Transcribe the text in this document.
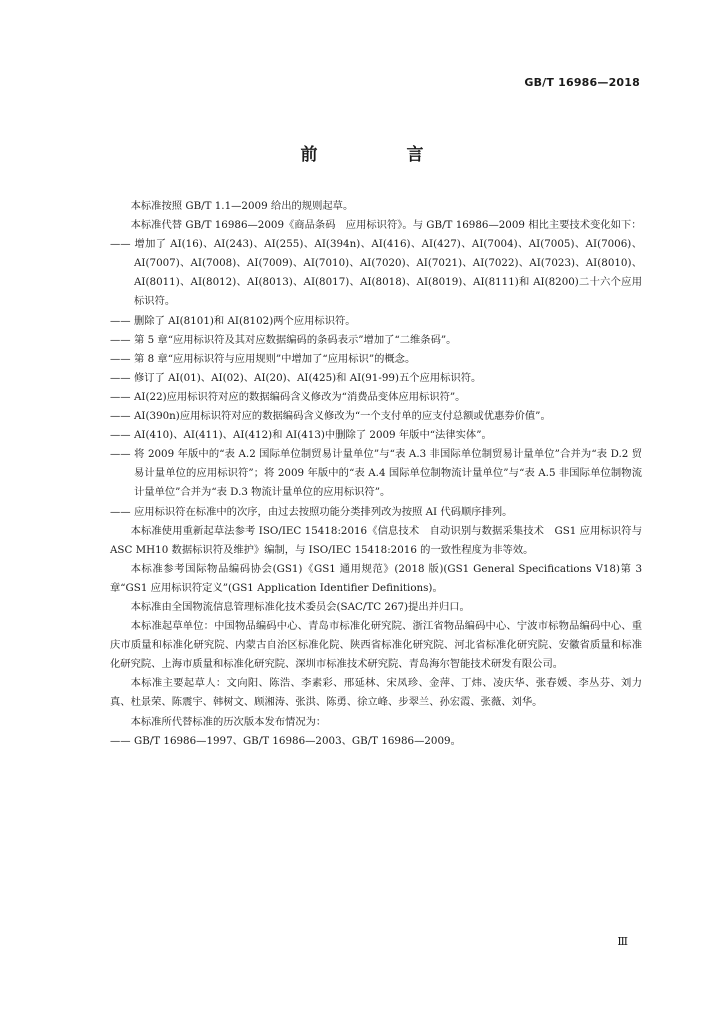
GB/T 16986—2018
前　言

本标准按照 GB/T 1.1—2009 给出的规则起草。

本标准代替 GB/T 16986—2009《商品条码　应用标识符》。与 GB/T 16986—2009 相比主要技术变化如下：

—— 增加了 AI(16)、AI(243)、AI(255)、AI(394n)、AI(416)、AI(427)、AI(7004)、AI(7005)、AI(7006)、AI(7007)、AI(7008)、AI(7009)、AI(7010)、AI(7020)、AI(7021)、AI(7022)、AI(7023)、AI(8010)、AI(8011)、AI(8012)、AI(8013)、AI(8017)、AI(8018)、AI(8019)、AI(8111)和 AI(8200)二十六个应用标识符。

—— 删除了 AI(8101)和 AI(8102)两个应用标识符。

—— 第 5 章“应用标识符及其对应数据编码的条码表示”增加了“二维条码”。

—— 第 8 章“应用标识符与应用规则”中增加了“应用标识”的概念。

—— 修订了 AI(01)、AI(02)、AI(20)、AI(425)和 AI(91-99)五个应用标识符。

—— AI(22)应用标识符对应的数据编码含义修改为“消费品变体应用标识符”。

—— AI(390n)应用标识符对应的数据编码含义修改为“一个支付单的应支付总额或优惠券价值”。

—— AI(410)、AI(411)、AI(412)和 AI(413)中删除了 2009 年版中“法律实体”。

—— 将 2009 年版中的“表 A.2 国际单位制贸易计量单位”与“表 A.3 非国际单位制贸易计量单位”合并为“表 D.2 贸易计量单位的应用标识符”；将 2009 年版中的“表 A.4 国际单位制物流计量单位”与“表 A.5 非国际单位制物流计量单位”合并为“表 D.3 物流计量单位的应用标识符”。

—— 应用标识符在标准中的次序，由过去按照功能分类排列改为按照 AI 代码顺序排列。

本标准使用重新起草法参考 ISO/IEC 15418:2016《信息技术　自动识别与数据采集技术　GS1 应用标识符与 ASC MH10 数据标识符及维护》编制，与 ISO/IEC 15418:2016 的一致性程度为非等效。

本标准参考国际物品编码协会(GS1)《GS1 通用规范》(2018 版)(GS1 General Specifications V18)第 3 章“GS1 应用标识符定义”(GS1 Application Identifier Definitions)。

本标准由全国物流信息管理标准化技术委员会(SAC/TC 267)提出并归口。

本标准起草单位：中国物品编码中心、青岛市标准化研究院、浙江省物品编码中心、宁波市标物品编码中心、重庆市质量和标准化研究院、内蒙古自治区标准化院、陕西省标准化研究院、河北省标准化研究院、安徽省质量和标准化研究院、上海市质量和标准化研究院、深圳市标准技术研究院、青岛海尔智能技术研发有限公司。

本标准主要起草人：文向阳、陈浩、李素彩、邢延林、宋凤珍、金萍、丁炜、凌庆华、张春媛、李丛芬、刘力真、杜景荣、陈震宇、韩树文、顾湘涛、张洪、陈勇、徐立峰、步翠兰、孙宏霞、张薇、刘华。

本标准所代替标准的历次版本发布情况为：

—— GB/T 16986—1997、GB/T 16986—2003、GB/T 16986—2009。

Ⅲ
